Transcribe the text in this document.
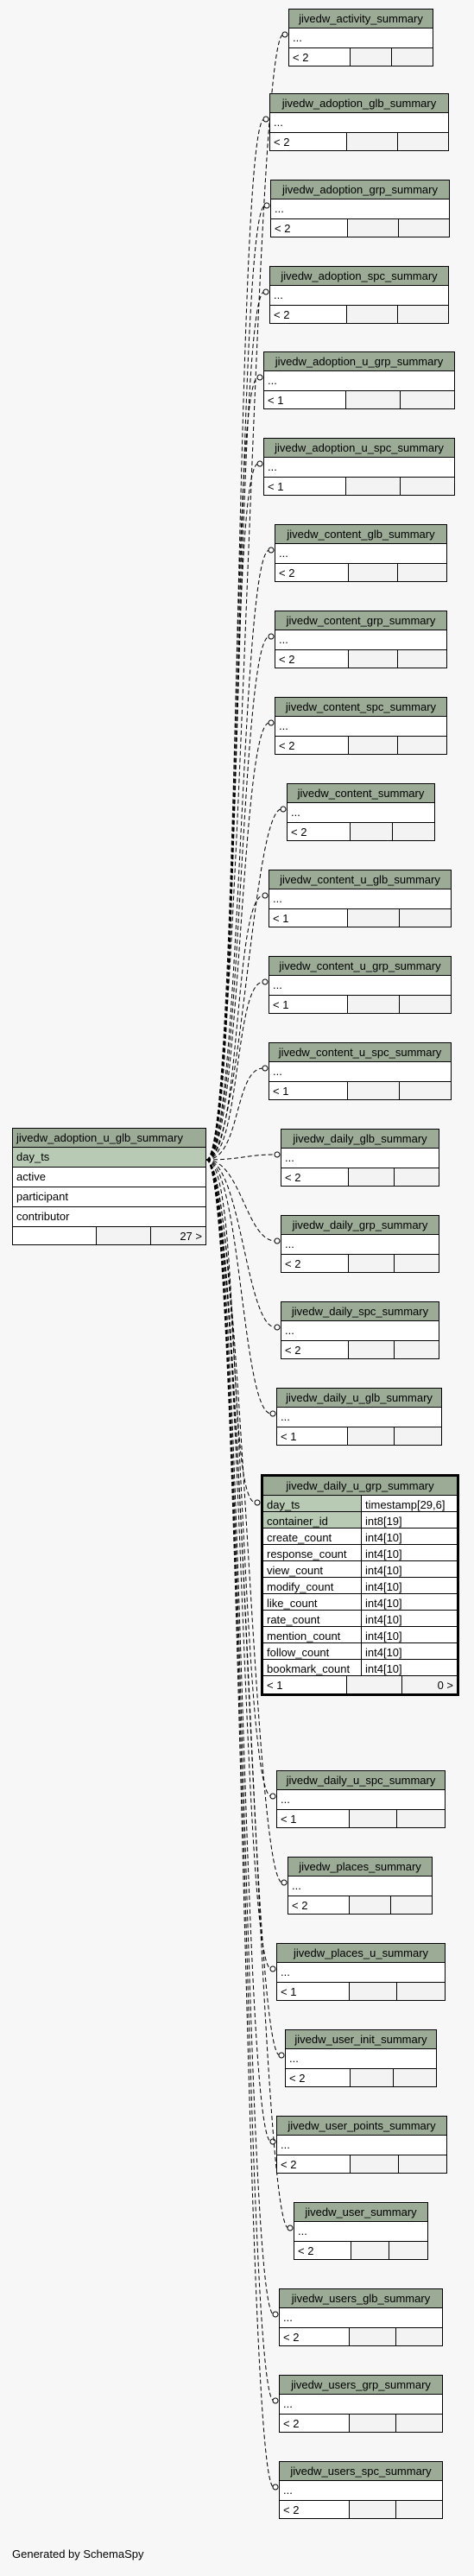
jivedw_adoption_u_glb_summary
day_ts
active
participant
contributor
27 >
jivedw_daily_u_grp_summary
day_ts	timestamp[29,6]
container_id	int8[19]
create_count	int4[10]
response_count	int4[10]
view_count	int4[10]
modify_count	int4[10]
like_count	int4[10]
rate_count	int4[10]
mention_count	int4[10]
follow_count	int4[10]
bookmark_count	int4[10]
< 1	0 >
jivedw_activity_summary
...
< 2
jivedw_adoption_glb_summary
...
< 2
jivedw_adoption_grp_summary
...
< 2
jivedw_adoption_spc_summary
...
< 2
jivedw_adoption_u_grp_summary
...
< 1
jivedw_adoption_u_spc_summary
...
< 1
jivedw_content_glb_summary
...
< 2
jivedw_content_grp_summary
...
< 2
jivedw_content_spc_summary
...
< 2
jivedw_content_summary
...
< 2
jivedw_content_u_glb_summary
...
< 1
jivedw_content_u_grp_summary
...
< 1
jivedw_content_u_spc_summary
...
< 1
jivedw_daily_glb_summary
...
< 2
jivedw_daily_grp_summary
...
< 2
jivedw_daily_spc_summary
...
< 2
jivedw_daily_u_glb_summary
...
< 1
jivedw_daily_u_spc_summary
...
< 1
jivedw_places_summary
...
< 2
jivedw_places_u_summary
...
< 1
jivedw_user_init_summary
...
< 2
jivedw_user_points_summary
...
< 2
jivedw_user_summary
...
< 2
jivedw_users_glb_summary
...
< 2
jivedw_users_grp_summary
...
< 2
jivedw_users_spc_summary
...
< 2
Generated by SchemaSpy
